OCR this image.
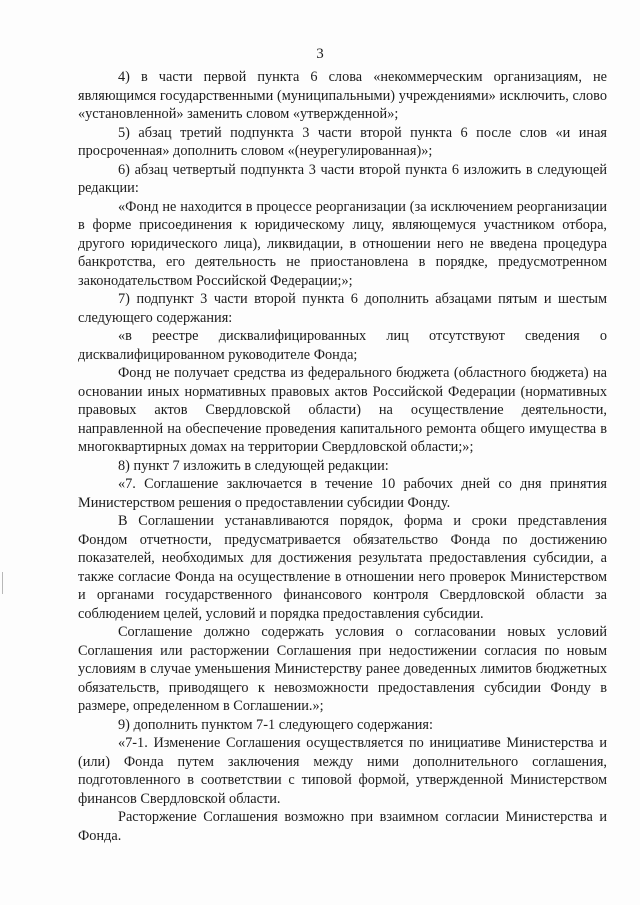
3

4) в части первой пункта 6 слова «некоммерческим организациям, не являющимся государственными (муниципальными) учреждениями» исключить, слово «установленной» заменить словом «утвержденной»;

5) абзац третий подпункта 3 части второй пункта 6 после слов «и иная просроченная» дополнить словом «(неурегулированная)»;

6) абзац четвертый подпункта 3 части второй пункта 6 изложить в следующей редакции:

«Фонд не находится в процессе реорганизации (за исключением реорганизации в форме присоединения к юридическому лицу, являющемуся участником отбора, другого юридического лица), ликвидации, в отношении него не введена процедура банкротства, его деятельность не приостановлена в порядке, предусмотренном законодательством Российской Федерации;»;

7) подпункт 3 части второй пункта 6 дополнить абзацами пятым и шестым следующего содержания:

«в реестре дисквалифицированных лиц отсутствуют сведения о дисквалифицированном руководителе Фонда;

Фонд не получает средства из федерального бюджета (областного бюджета) на основании иных нормативных правовых актов Российской Федерации (нормативных правовых актов Свердловской области) на осуществление деятельности, направленной на обеспечение проведения капитального ремонта общего имущества в многоквартирных домах на территории Свердловской области;»;

8) пункт 7 изложить в следующей редакции:

«7. Соглашение заключается в течение 10 рабочих дней со дня принятия Министерством решения о предоставлении субсидии Фонду.

В Соглашении устанавливаются порядок, форма и сроки представления Фондом отчетности, предусматривается обязательство Фонда по достижению показателей, необходимых для достижения результата предоставления субсидии, а также согласие Фонда на осуществление в отношении него проверок Министерством и органами государственного финансового контроля Свердловской области за соблюдением целей, условий и порядка предоставления субсидии.

Соглашение должно содержать условия о согласовании новых условий Соглашения или расторжении Соглашения при недостижении согласия по новым условиям в случае уменьшения Министерству ранее доведенных лимитов бюджетных обязательств, приводящего к невозможности предоставления субсидии Фонду в размере, определенном в Соглашении.»;

9) дополнить пунктом 7-1 следующего содержания:

«7-1. Изменение Соглашения осуществляется по инициативе Министерства и (или) Фонда путем заключения между ними дополнительного соглашения, подготовленного в соответствии с типовой формой, утвержденной Министерством финансов Свердловской области.

Расторжение Соглашения возможно при взаимном согласии Министерства и Фонда.
